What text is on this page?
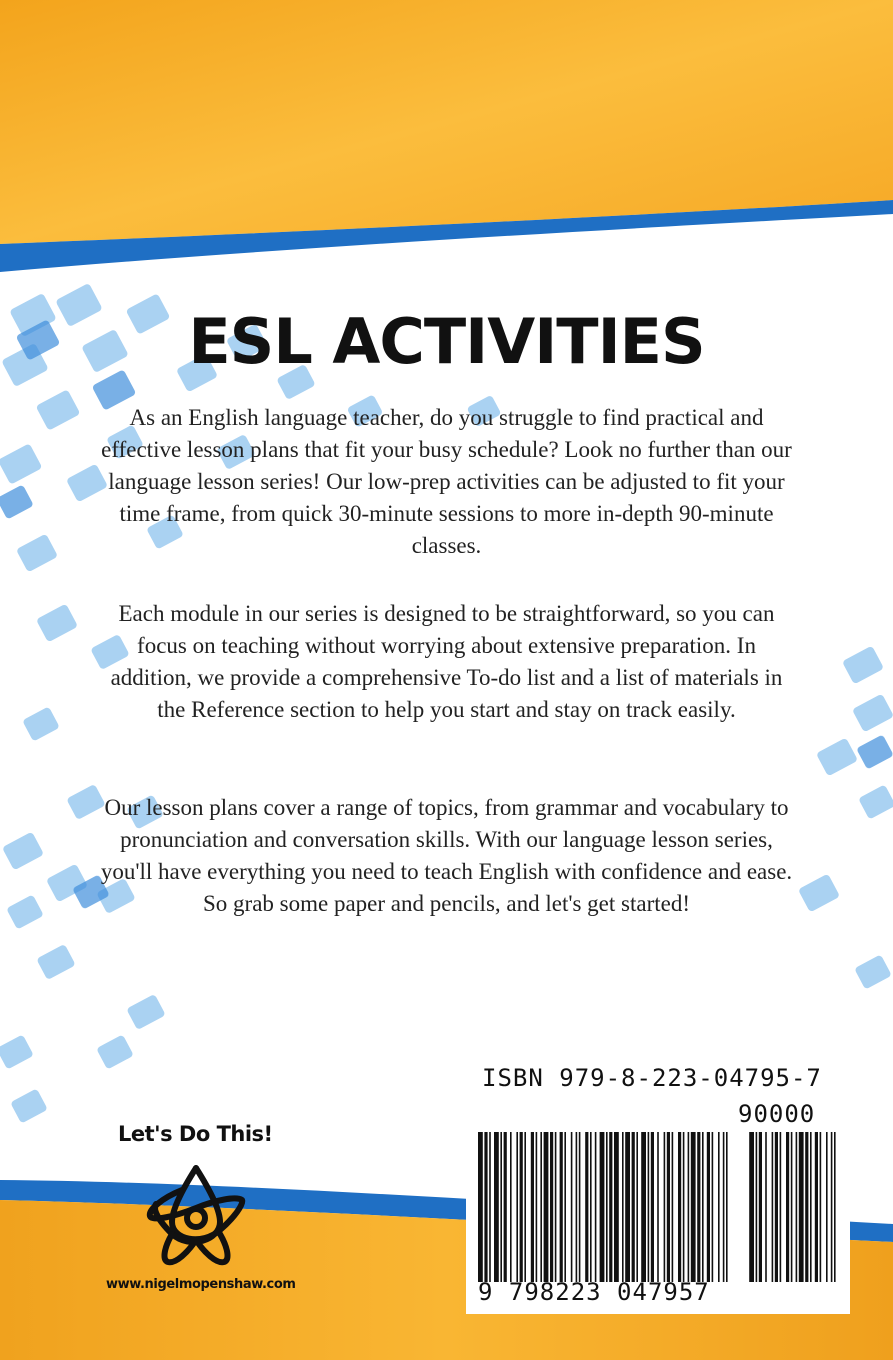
ESL ACTIVITIES

As an English language teacher, do you struggle to find practical and effective lesson plans that fit your busy schedule? Look no further than our language lesson series! Our low-prep activities can be adjusted to fit your time frame, from quick 30-minute sessions to more in-depth 90-minute classes.

Each module in our series is designed to be straightforward, so you can focus on teaching without worrying about extensive preparation. In addition, we provide a comprehensive To-do list and a list of materials in the Reference section to help you start and stay on track easily.

Our lesson plans cover a range of topics, from grammar and vocabulary to pronunciation and conversation skills. With our language lesson series, you'll have everything you need to teach English with confidence and ease. So grab some paper and pencils, and let's get started!

Let's Do This!

www.nigelmopenshaw.com

ISBN 979-8-223-04795-7

90000

9 798223 047957
